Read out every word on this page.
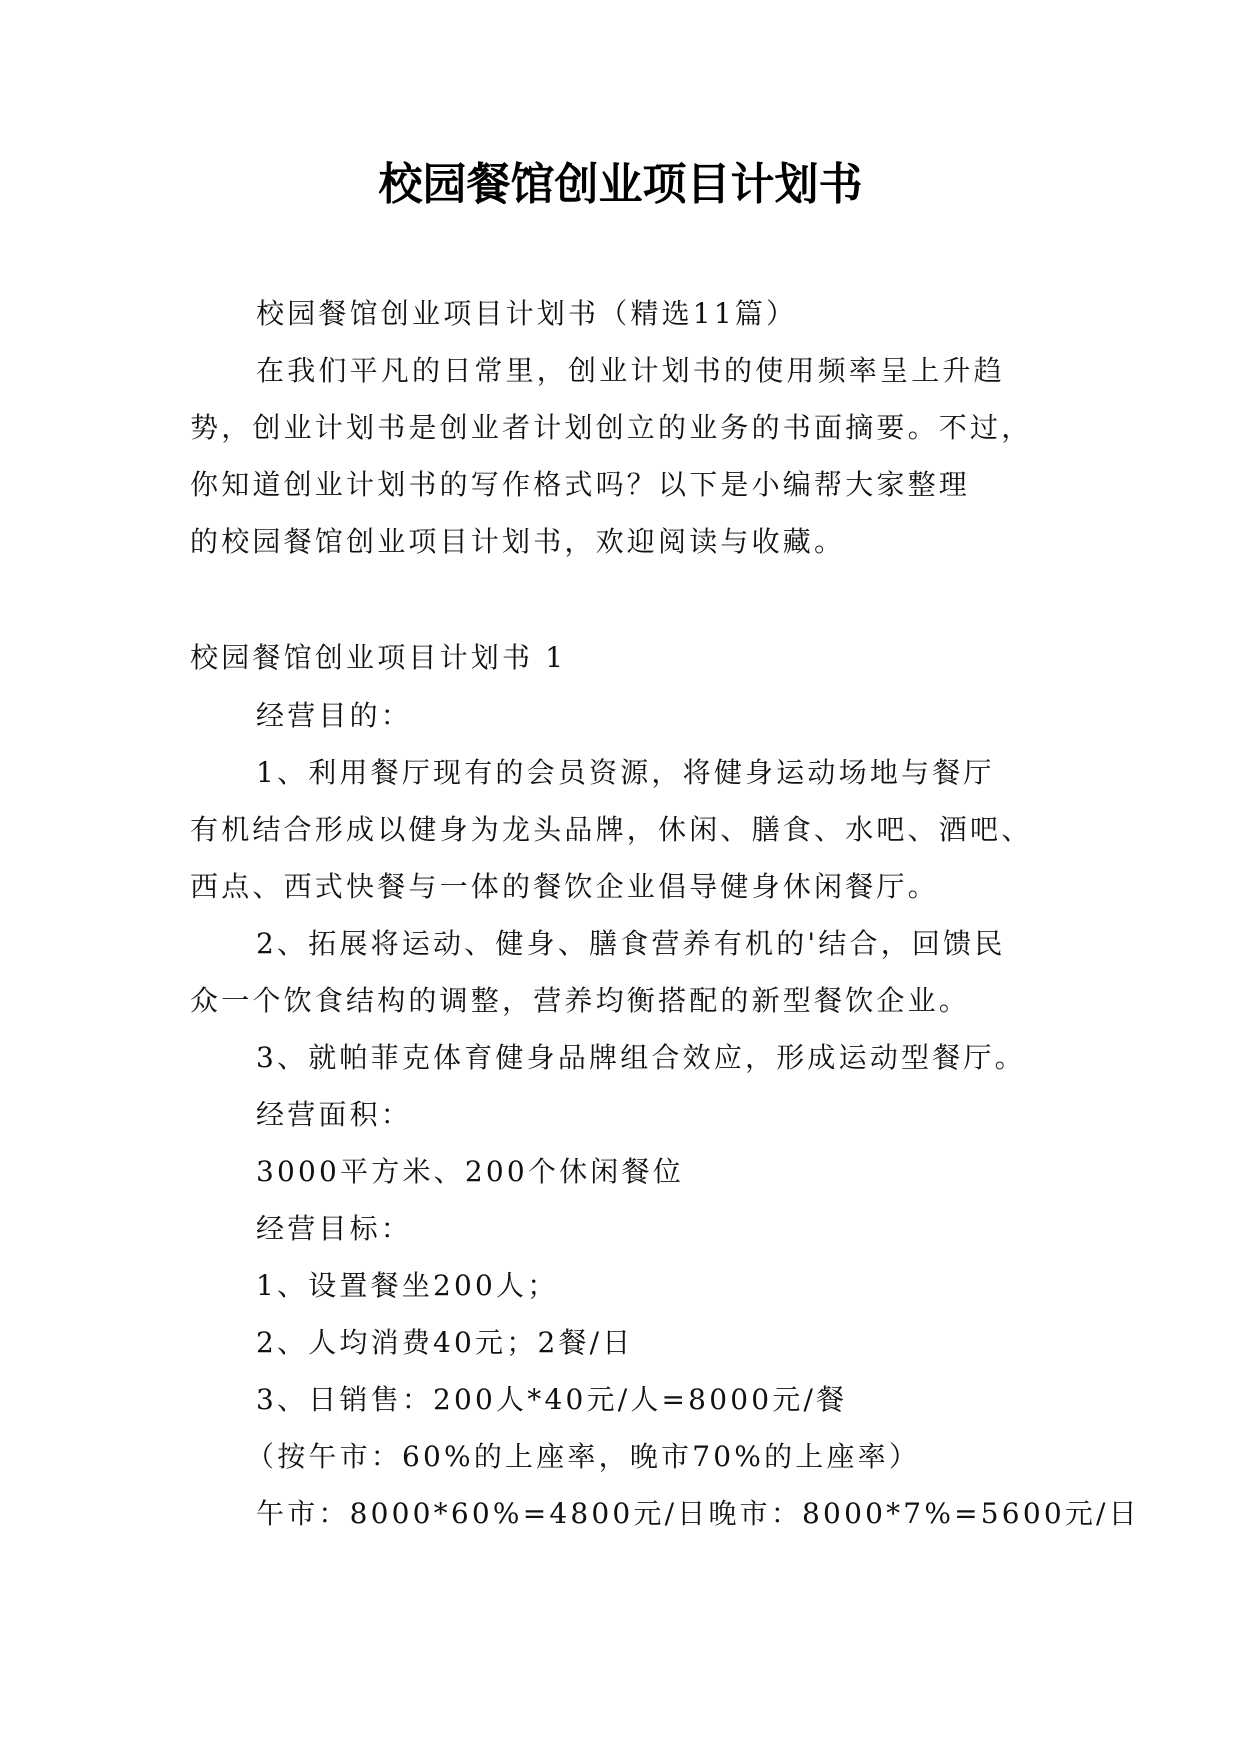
校园餐馆创业项目计划书
校园餐馆创业项目计划书（精选11篇）
在我们平凡的日常里，创业计划书的使用频率呈上升趋
势，创业计划书是创业者计划创立的业务的书面摘要。不过，
你知道创业计划书的写作格式吗？以下是小编帮大家整理
的校园餐馆创业项目计划书，欢迎阅读与收藏。
校园餐馆创业项目计划书 1
经营目的：
1、利用餐厅现有的会员资源，将健身运动场地与餐厅
有机结合形成以健身为龙头品牌，休闲、膳食、水吧、酒吧、
西点、西式快餐与一体的餐饮企业倡导健身休闲餐厅。
2、拓展将运动、健身、膳食营养有机的'结合，回馈民
众一个饮食结构的调整，营养均衡搭配的新型餐饮企业。
3、就帕菲克体育健身品牌组合效应，形成运动型餐厅。
经营面积：
3000平方米、200个休闲餐位
经营目标：
1、设置餐坐200人；
2、人均消费40元；2餐/日
3、日销售：200人*40元/人=8000元/餐
（按午市：60%的上座率，晚市70%的上座率）
午市：8000*60%=4800元/日晚市：8000*7%=5600元/日
